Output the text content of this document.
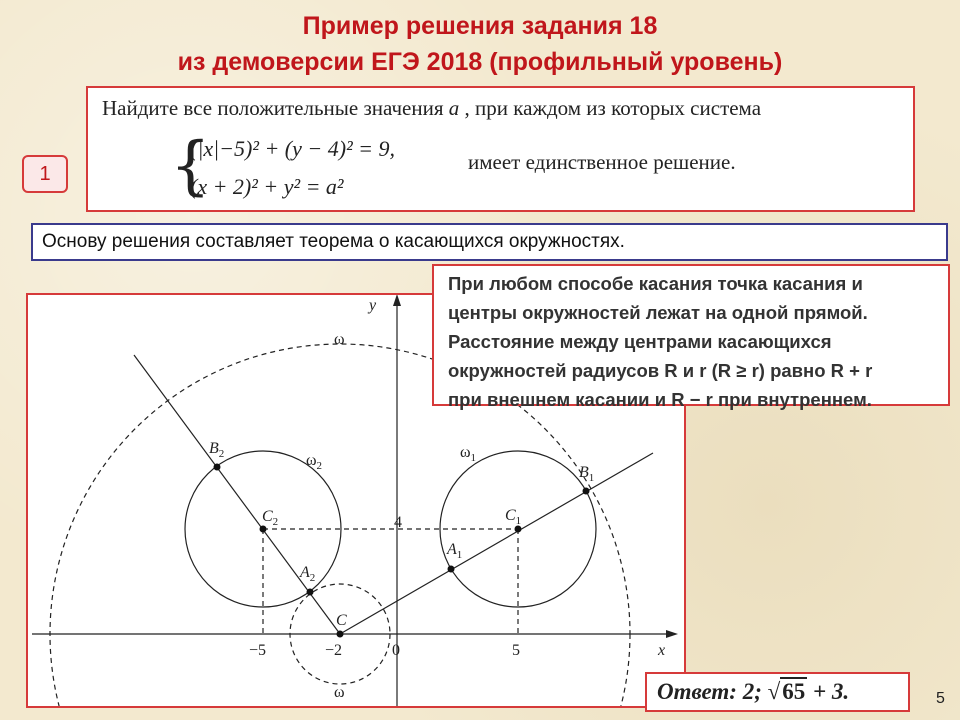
Пример решения задания 18
из демоверсии ЕГЭ 2018 (профильный уровень)
Найдите все положительные значения a , при каждом из которых система
{
(|x|−5)² + (y − 4)² = 9,
(x + 2)² + y² = a²
имеет единственное решение.
1
Основу решения составляет теорема о касающихся окружностях.
x
y
−5	−2	0	5
4
ω
ω
$\omega_2$
$\omega_1$
$B_2$
$C_2$
$A_2$
C
$A_1$
$C_1$
$B_1$
При любом способе касания точка касания и
центры окружностей лежат на одной прямой.
Расстояние между центрами касающихся
окружностей радиусов R и r (R ≥ r) равно R + r
при внешнем касании и R − r при внутреннем.
Ответ: 2; √65 + 3.	5
